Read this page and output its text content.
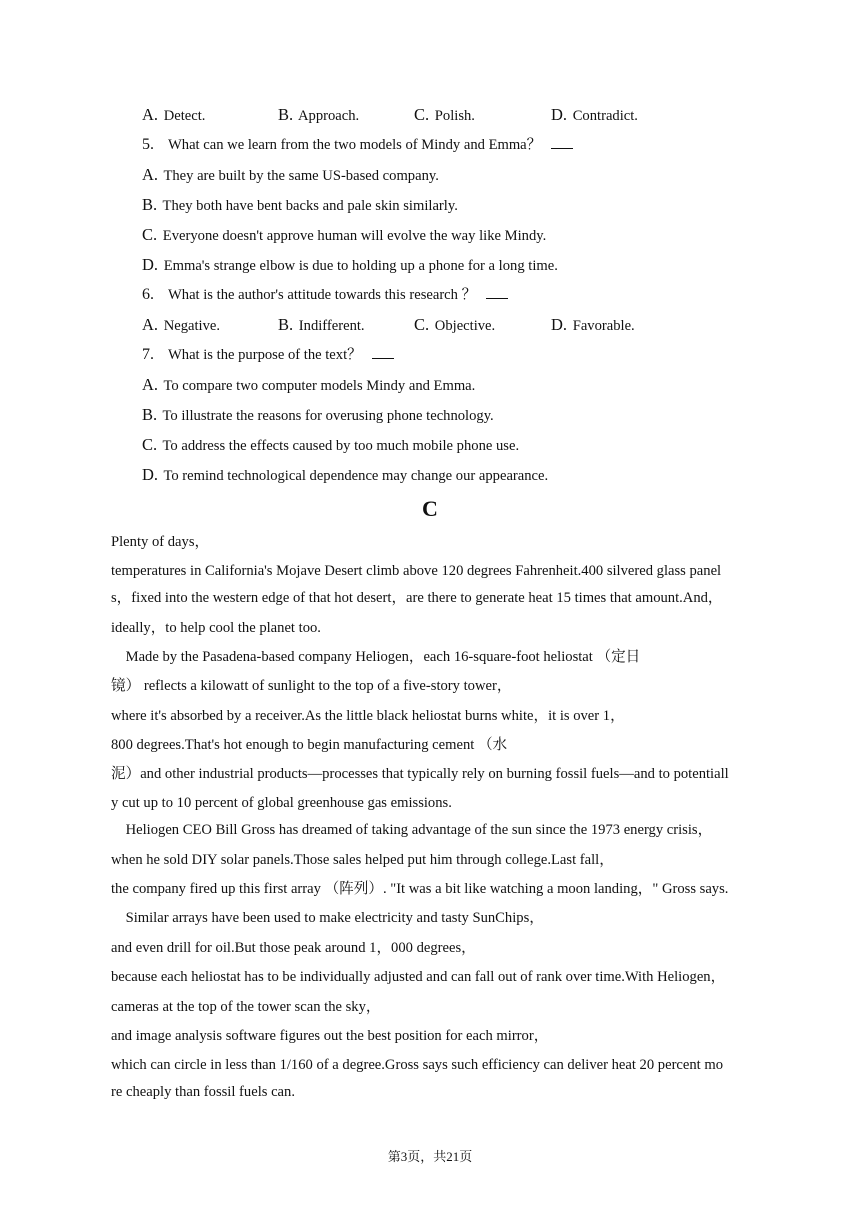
A. Detect.	B. Approach.	C. Polish.	D. Contradict.
5. What can we learn from the two models of Mindy and Emma？
A. They are built by the same US-based company.
B. They both have bent backs and pale skin similarly.
C. Everyone doesn't approve human will evolve the way like Mindy.
D. Emma's strange elbow is due to holding up a phone for a long time.
6. What is the author's attitude towards this research ？
A. Negative.	B. Indifferent.	C. Objective.	D. Favorable.
7. What is the purpose of the text？
A. To compare two computer models Mindy and Emma.
B. To illustrate the reasons for overusing phone technology.
C. To address the effects caused by too much mobile phone use.
D. To remind technological dependence may change our appearance.
C
Plenty of days，
temperatures in California's Mojave Desert climb above 120 degrees Fahrenheit.400 silvered glass panel
s，fixed into the western edge of that hot desert，are there to generate heat 15 times that amount.And，
ideally，to help cool the planet too.
Made by the Pasadena-based company Heliogen，each 16-square-foot heliostat （定日
镜） reflects a kilowatt of sunlight to the top of a five-story tower，
where it's absorbed by a receiver.As the little black heliostat burns white，it is over 1，
800 degrees.That's hot enough to begin manufacturing cement （水
泥）and other industrial products—processes that typically rely on burning fossil fuels—and to potentiall
y cut up to 10 percent of global greenhouse gas emissions.
Heliogen CEO Bill Gross has dreamed of taking advantage of the sun since the 1973 energy crisis，
when he sold DIY solar panels.Those sales helped put him through college.Last fall，
the company fired up this first array （阵列）. "It was a bit like watching a moon landing，" Gross says.
Similar arrays have been used to make electricity and tasty SunChips，
and even drill for oil.But those peak around 1，000 degrees，
because each heliostat has to be individually adjusted and can fall out of rank over time.With Heliogen，
cameras at the top of the tower scan the sky，
and image analysis software figures out the best position for each mirror，
which can circle in less than 1/160 of a degree.Gross says such efficiency can deliver heat 20 percent mo
re cheaply than fossil fuels can.
第3页，共21页
